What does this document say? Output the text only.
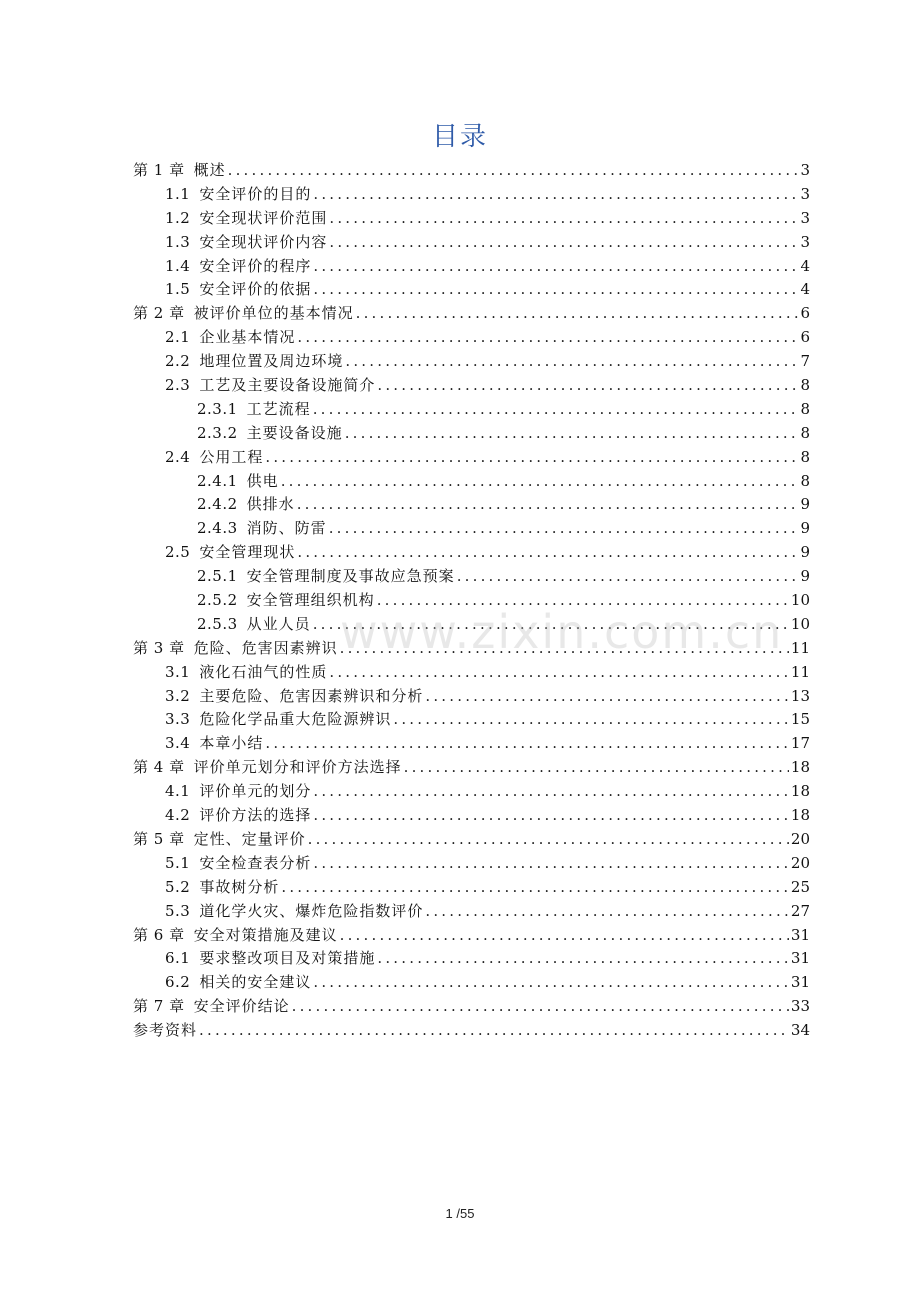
目录
第 1 章 概述 .....	3
1.1 安全评价的目的 .....	3
1.2 安全现状评价范围 .....	3
1.3 安全现状评价内容 .....	3
1.4 安全评价的程序 .....	4
1.5 安全评价的依据 .....	4
第 2 章 被评价单位的基本情况 .....	6
2.1 企业基本情况 .....	6
2.2 地理位置及周边环境 .....	7
2.3 工艺及主要设备设施简介 .....	8
2.3.1 工艺流程 .....	8
2.3.2 主要设备设施 .....	8
2.4 公用工程 .....	8
2.4.1 供电 .....	8
2.4.2 供排水 .....	9
2.4.3 消防、防雷 .....	9
2.5 安全管理现状 .....	9
2.5.1 安全管理制度及事故应急预案 .....	9
2.5.2 安全管理组织机构 .....	10
2.5.3 从业人员 .....	10
第 3 章 危险、危害因素辨识 .....	11
3.1 液化石油气的性质 .....	11
3.2 主要危险、危害因素辨识和分析 .....	13
3.3 危险化学品重大危险源辨识 .....	15
3.4 本章小结 .....	17
第 4 章 评价单元划分和评价方法选择 .....	18
4.1 评价单元的划分 .....	18
4.2 评价方法的选择 .....	18
第 5 章 定性、定量评价 .....	20
5.1 安全检查表分析 .....	20
5.2 事故树分析 .....	25
5.3 道化学火灾、爆炸危险指数评价 .....	27
第 6 章 安全对策措施及建议 .....	31
6.1 要求整改项目及对策措施 .....	31
6.2 相关的安全建议 .....	31
第 7 章 安全评价结论 .....	33
参考资料 .....	34
www.zixin.com.cn
1 /55
